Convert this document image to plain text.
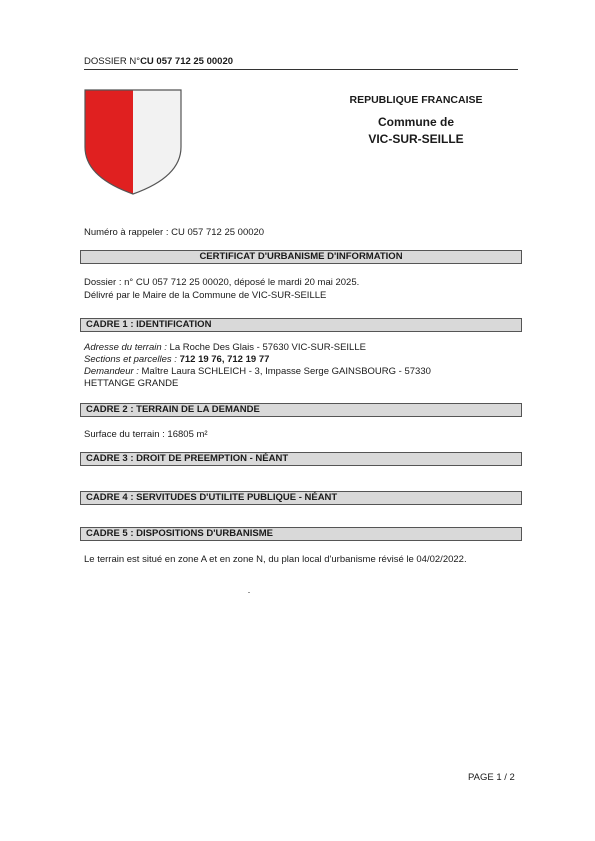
DOSSIER N°CU 057 712 25 00020
REPUBLIQUE FRANCAISE
Commune de
VIC-SUR-SEILLE
Numéro à rappeler : CU 057 712 25 00020
CERTIFICAT D'URBANISME D'INFORMATION
Dossier : n° CU 057 712 25 00020, déposé le mardi 20 mai 2025.
Délivré par le Maire de la Commune de VIC-SUR-SEILLE
CADRE 1 : IDENTIFICATION
Adresse du terrain : La Roche Des Glais - 57630 VIC-SUR-SEILLE
Sections et parcelles : 712 19 76, 712 19 77
Demandeur : Maître Laura SCHLEICH - 3, Impasse Serge GAINSBOURG - 57330
HETTANGE GRANDE
CADRE 2 : TERRAIN DE LA DEMANDE
Surface du terrain : 16805 m²
CADRE 3 : DROIT DE PREEMPTION - NÉANT
CADRE 4 : SERVITUDES D'UTILITE PUBLIQUE - NÉANT
CADRE 5 : DISPOSITIONS D'URBANISME
Le terrain est situé en zone A et en zone N, du plan local d'urbanisme révisé le 04/02/2022.
PAGE 1 / 2
